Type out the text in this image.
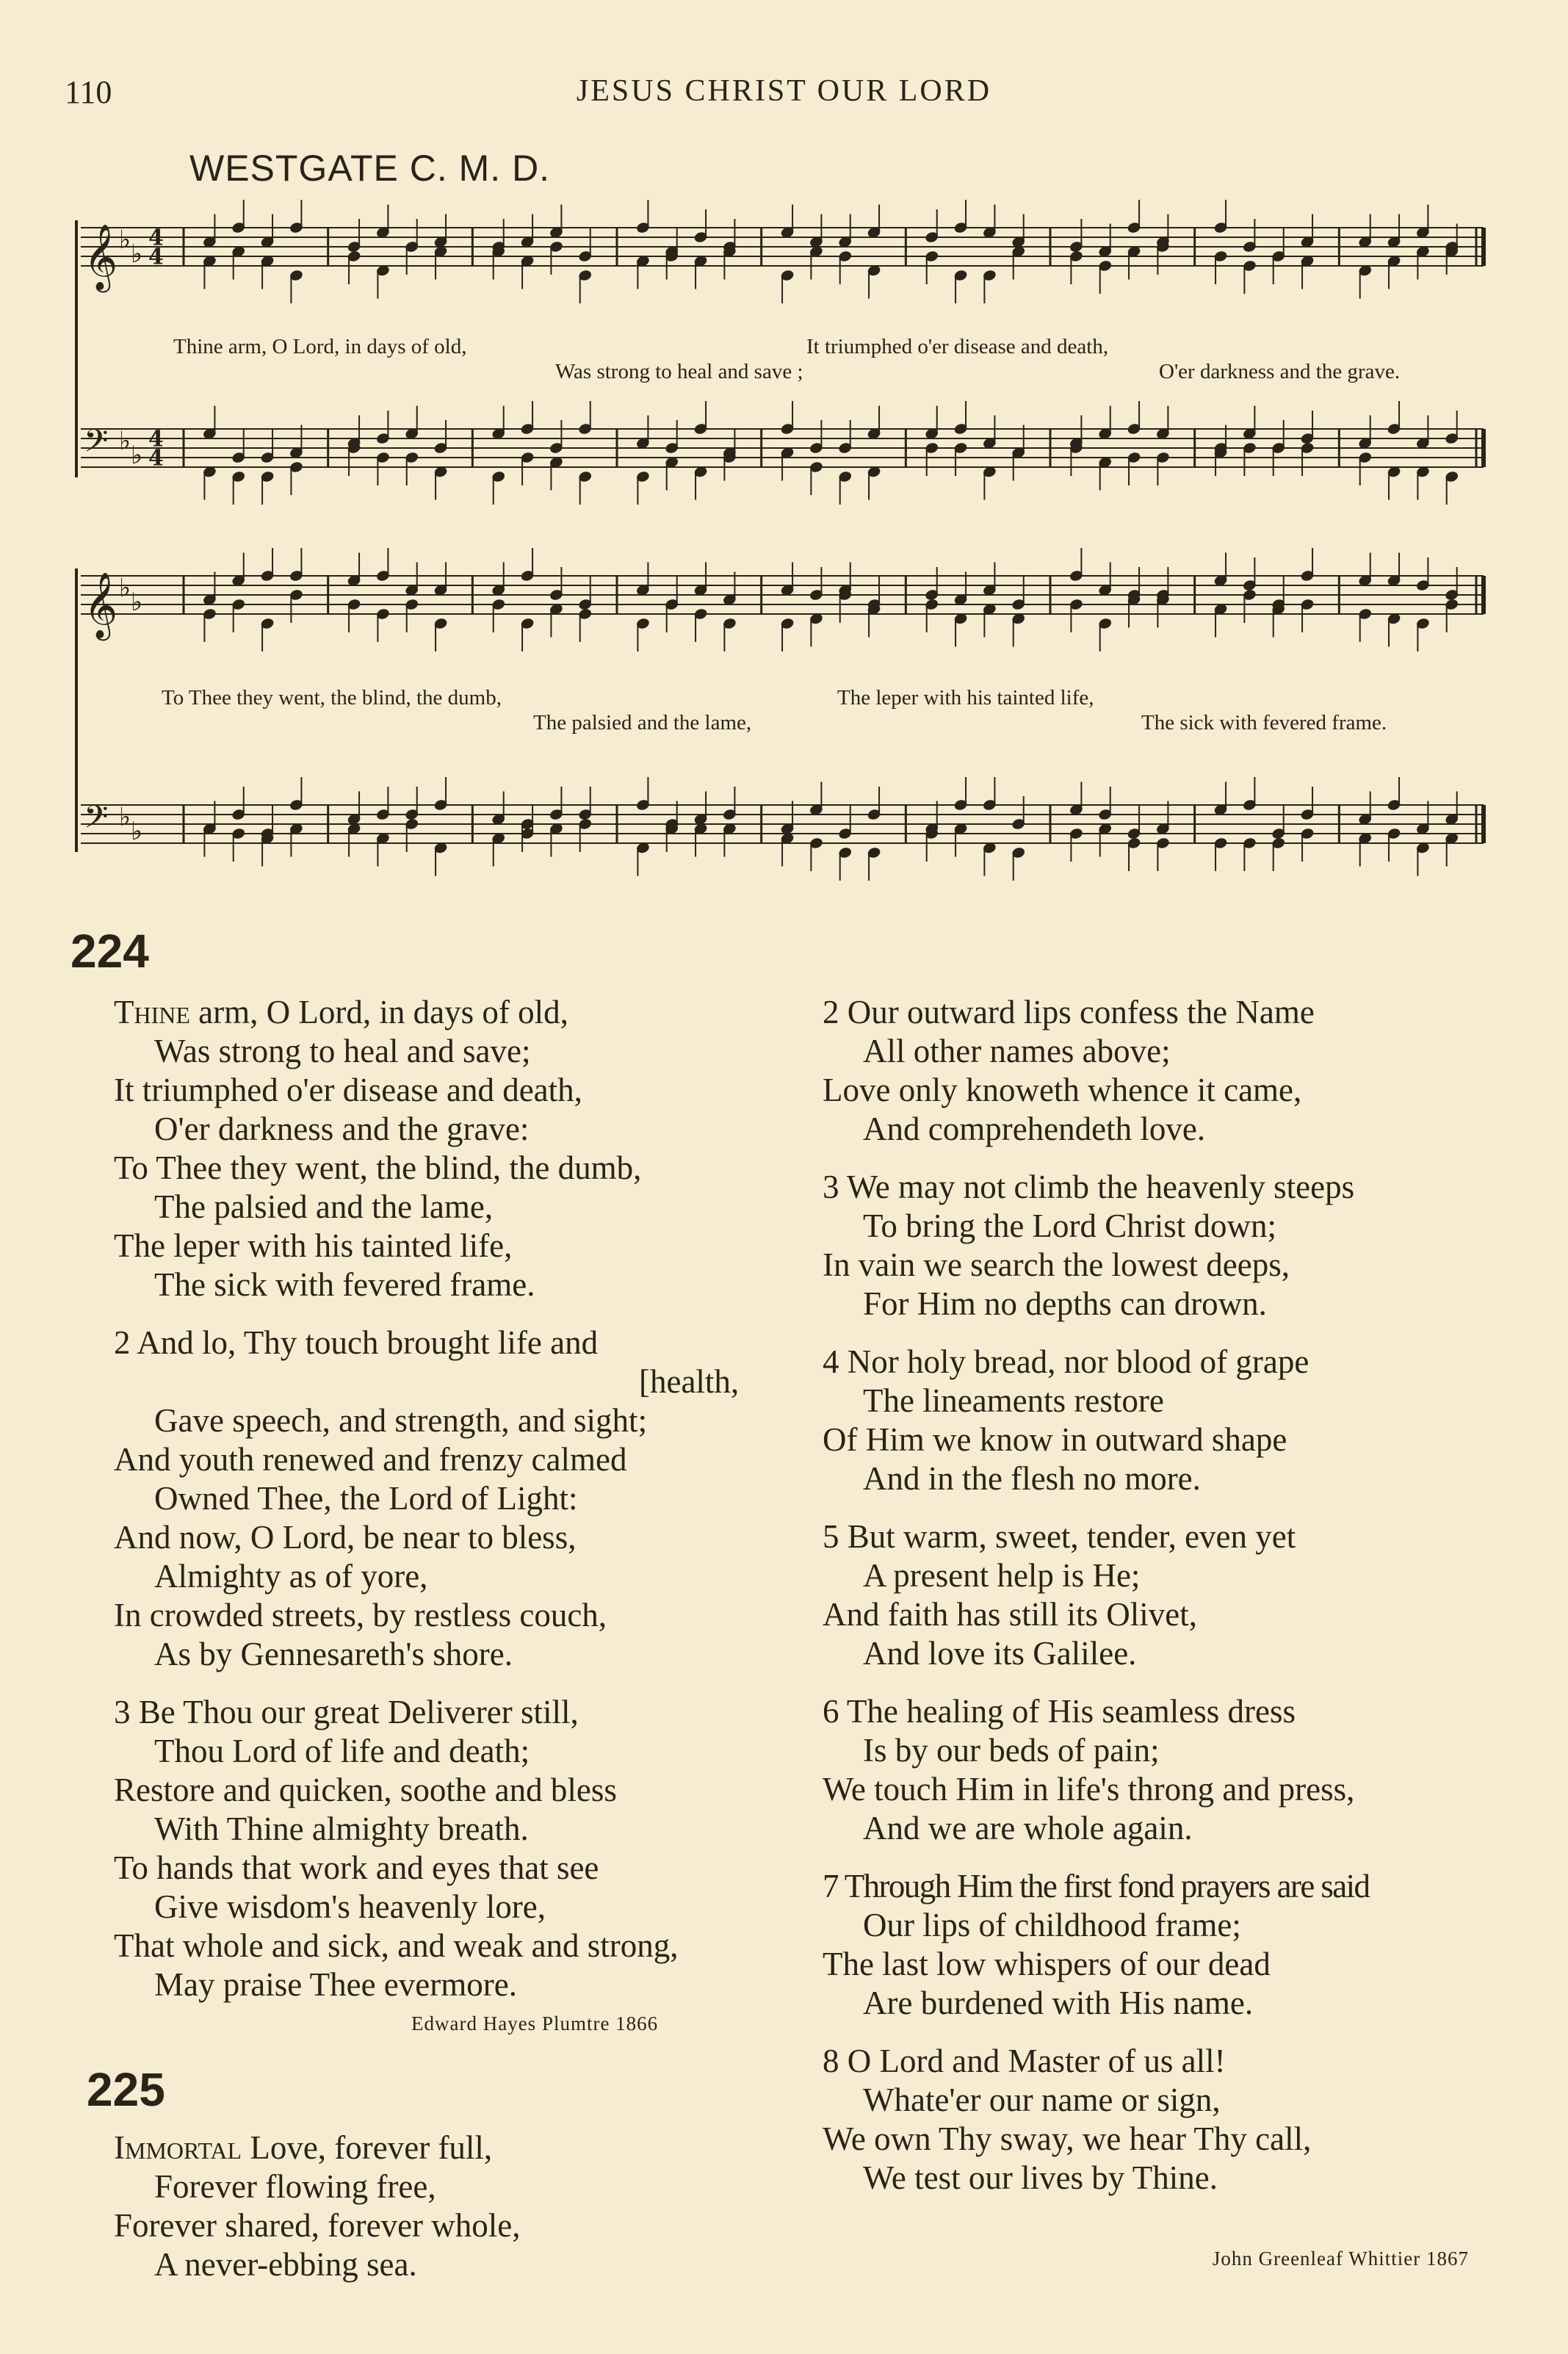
110	JESUS CHRIST OUR LORD
WESTGATE C. M. D.
𝄞 ♭ ♭
4
4
𝄢 ♭ ♭
4
4
𝄞 ♭ ♭
𝄢 ♭ ♭
Thine arm, O Lord, in days of old,
Was strong to heal and save ;
It triumphed o'er disease and death,
O'er darkness and the grave.
To Thee they went, the blind, the dumb,
The palsied and the lame,
The leper with his tainted life,
The sick with fevered frame.
224
Thine arm, O Lord, in days of old,
Was strong to heal and save;
It triumphed o'er disease and death,
O'er darkness and the grave:
To Thee they went, the blind, the dumb,
The palsied and the lame,
The leper with his tainted life,
The sick with fevered frame.
2 And lo, Thy touch brought life and
[health,
Gave speech, and strength, and sight;
And youth renewed and frenzy calmed
Owned Thee, the Lord of Light:
And now, O Lord, be near to bless,
Almighty as of yore,
In crowded streets, by restless couch,
As by Gennesareth's shore.
3 Be Thou our great Deliverer still,
Thou Lord of life and death;
Restore and quicken, soothe and bless
With Thine almighty breath.
To hands that work and eyes that see
Give wisdom's heavenly lore,
That whole and sick, and weak and strong,
May praise Thee evermore.
Edward Hayes Plumtre 1866
225
Immortal Love, forever full,
Forever flowing free,
Forever shared, forever whole,
A never-ebbing sea.
2 Our outward lips confess the Name
All other names above;
Love only knoweth whence it came,
And comprehendeth love.
3 We may not climb the heavenly steeps
To bring the Lord Christ down;
In vain we search the lowest deeps,
For Him no depths can drown.
4 Nor holy bread, nor blood of grape
The lineaments restore
Of Him we know in outward shape
And in the flesh no more.
5 But warm, sweet, tender, even yet
A present help is He;
And faith has still its Olivet,
And love its Galilee.
6 The healing of His seamless dress
Is by our beds of pain;
We touch Him in life's throng and press,
And we are whole again.
7 Through Him the first fond prayers are said
Our lips of childhood frame;
The last low whispers of our dead
Are burdened with His name.
8 O Lord and Master of us all!
Whate'er our name or sign,
We own Thy sway, we hear Thy call,
We test our lives by Thine.
John Greenleaf Whittier 1867
